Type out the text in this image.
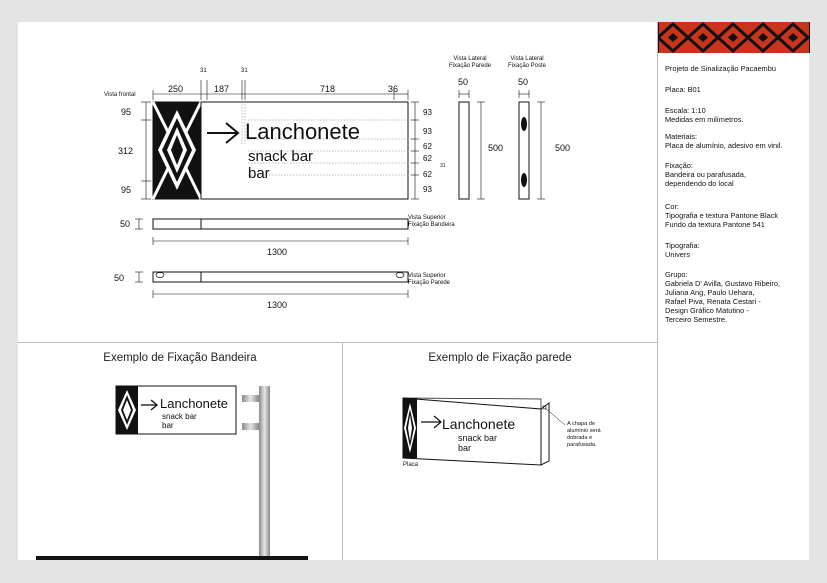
Lanchonete
snack bar
bar
Vista frontal
250	187	718	36
31	31
95
312
95
93
93
62
62
62
93
31
Vista Lateral
Fixação Parede
Vista Lateral
Fixação Poste
50	50
500	500
50
Vista Superior
Fixação Bandeira
1300
50	Vista Superior
Fixação Parede
1300
Exemplo de Fixação Bandeira
Lanchonete
snack bar
bar
Exemplo de Fixação parede
Lanchonete
snack bar
bar
Placa
A chapa de
alumínio será
dobrada e
parafusada.
Projeto de Sinalização Pacaembu
Placa: B01
Escala: 1:10
Medidas em milímetros.
Materiais:
Placa de alumínio, adesivo em vinil.
Fixação:
Bandeira ou parafusada,
dependendo do local
Cor:
Tipografia e textura Pantone Black
Fundo da textura Pantone 541
Tipografia:
Univers
Grupo:
Gabriela D' Avilla, Gustavo Ribeiro,
Juliana Ang, Paulo Uehara,
Rafael Piva, Renata Cestari -
Design Gráfico Matutino -
Terceiro Semestre.
